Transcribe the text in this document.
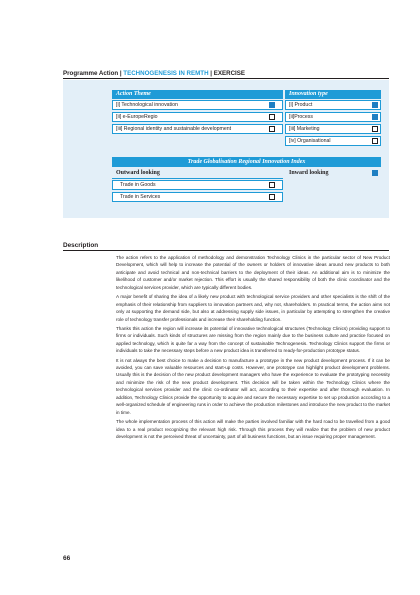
Programme Action | TECHNOGENESIS IN REMTH | EXERCISE
Action Theme	Innovation type
[i] Technological innovation
[ii] e-EuropeRegio
[iii] Regional identity and sustainable development
[i] Product
[ii]Process
[iii] Marketing
[iv] Organisational
Trade Globalisation Regional Innovation Index
Outward looking	Inward looking
Trade in Goods
Trade in Services
Description

The action refers to the application of methodology and demonstration Technology Clinics in the particular sector of New Product Development, which will help to increase the potential of the owners or holders of innovative ideas around new products to both anticipate and avoid technical and non-technical barriers to the deployment of their ideas. An additional aim is to minimize the likelihood of customer and/or market rejection. This effort is usually the shared responsibility of both the clinic coordinator and the technological services provider, which are typically different bodies.

A major benefit of sharing the idea of a likely new product with technological service providers and other specialists is the shift of the emphasis of their relationship from suppliers to innovation partners and, why not, shareholders. In practical terms, the action aims not only at supporting the demand side, but also at addressing supply side issues, in particular by attempting to strengthen the creative role of technology transfer professionals and increase their shareholding function.

Thanks this action the region will increase its potential of innovative technological structures (Technology Clinics) providing support to firms or individuals. Such kinds of structures are missing from the region mainly due to the business culture and practice focused on applied technology, which is quite far a way from the concept of sustainable Technogenesis. Technology Clinics support the firms or individuals to take the necessary steps before a new product idea is transferred to ready-for-production prototype status.

It is not always the best choice to make a decision to manufacture a prototype in the new product development process. If it can be avoided, you can save valuable resources and start-up costs. However, one prototype can highlight product development problems. Usually this is the decision of the new product development managers who have the experience to evaluate the prototyping necessity and minimize the risk of the new product development. This decision will be taken within the Technology Clinics where the technological services provider and the clinic co-ordinator will act, according to their expertise and after thorough evaluation. In addition, Technology Clinics provide the opportunity to acquire and secure the necessary expertise to set up production according to a well-organized schedule of engineering runs in order to achieve the production milestones and introduce the new product to the market in time.

The whole implementation process of this action will make the parties involved familiar with the hard road to be travelled from a good idea to a real product recognizing the relevant high risk. Through this process they will realize that the problem of new product development is not the perceived threat of uncertainty, part of all business functions, but an issue requiring proper management.

66
